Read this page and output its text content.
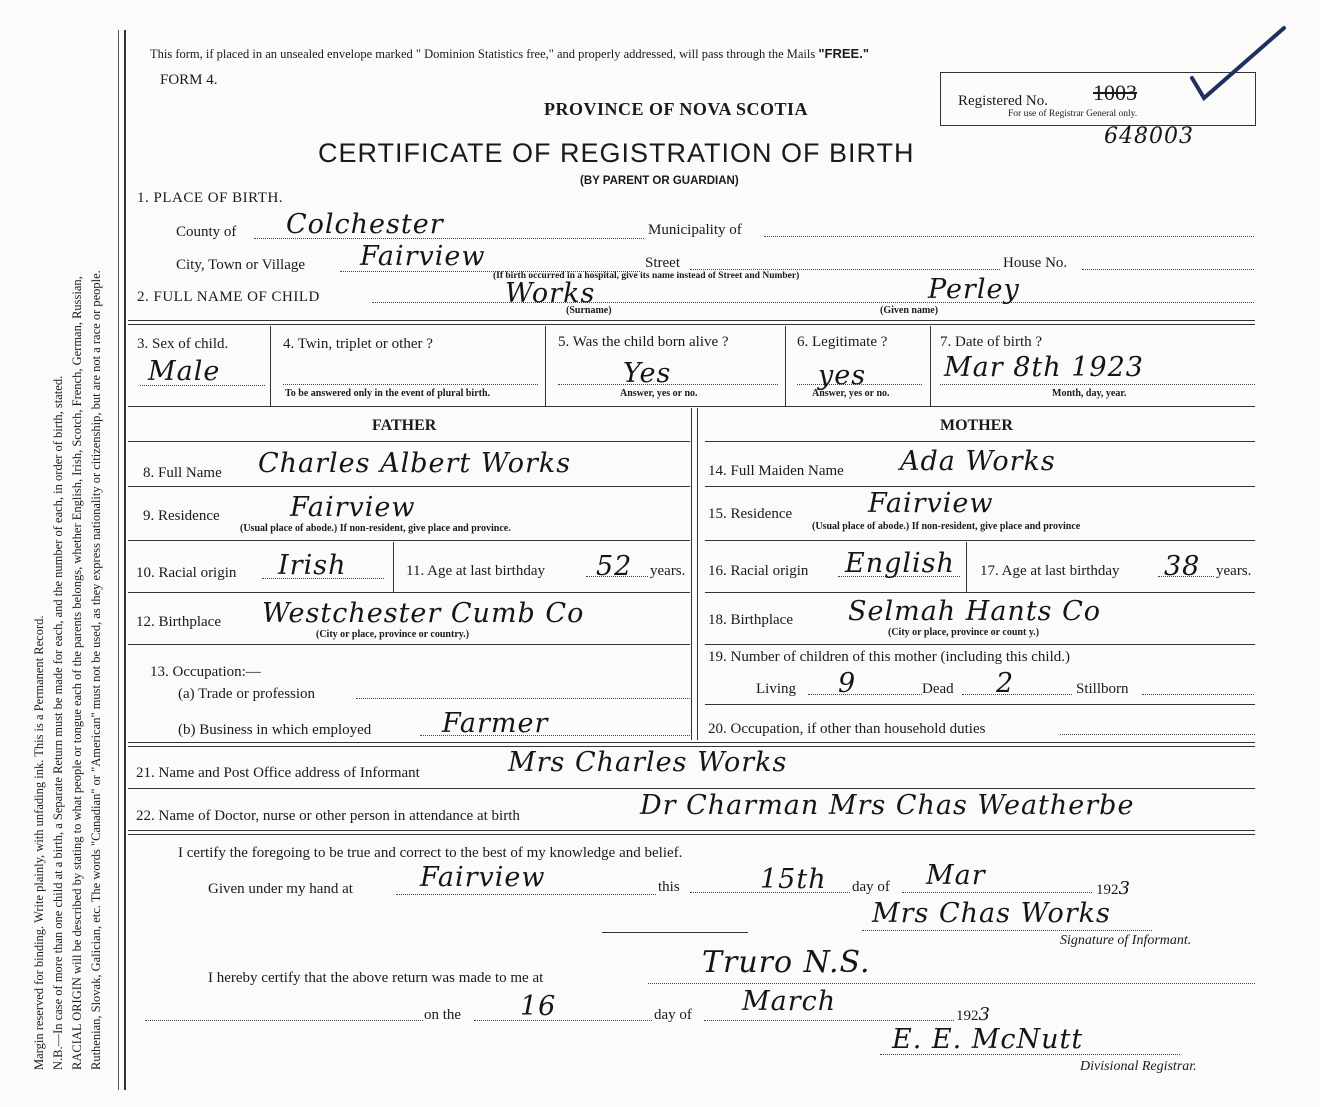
Margin reserved for binding. Write plainly, with unfading ink. This is a Permanent Record. N.B.—In case of more than one child at a birth, a Separate Return must be made for each, and the number of each, in order of birth, stated. RACIAL ORIGIN will be described by stating to what people or tongue each of the parents belongs, whether English, Irish, Scotch, French, German, Russian, Ruthenian, Slovak, Galician, etc. The words "Canadian" or "American" must not be used, as they express nationality or citizenship, but are not a race or people.
This form, if placed in an unsealed envelope marked " Dominion Statistics free," and properly addressed, will pass through the Mails "FREE."
FORM 4.
PROVINCE OF NOVA SCOTIA
CERTIFICATE OF REGISTRATION OF BIRTH
(BY PARENT OR GUARDIAN)
Registered No. 1003
For use of Registrar General only.
648003
1. PLACE OF BIRTH.
County of Colchester	Municipality of
City, Town or Village Fairview	Street	House No.
(If birth occurred in a hospital, give its name instead of Street and Number)
2. FULL NAME OF CHILD	Works
(Surname)
Perley
(Given name)
3. Sex of child.
Male
4. Twin, triplet or other ?
To be answered only in the event of plural birth.
5. Was the child born alive ?
Yes
Answer, yes or no.
6. Legitimate ?
yes
Answer, yes or no.
7. Date of birth ?
Mar 8th 1923
Month, day, year.
FATHER	MOTHER
8. Full Name Charles Albert Works
9. Residence	Fairview
(Usual place of abode.) If non-resident, give place and province.
10. Racial origin Irish	11. Age at last birthday 52 years.
12. Birthplace Westchester Cumb Co
(City or place, province or country.)
13. Occupation:—
(a) Trade or profession
(b) Business in which employed	Farmer
14. Full Maiden Name Ada Works
15. Residence	Fairview
(Usual place of abode.) If non-resident, give place and province
16. Racial origin English 17. Age at last birthday 38 years.
18. Birthplace Selmah Hants Co
(City or place, province or count y.)
19. Number of children of this mother (including this child.)
Living 9	Dead 2	Stillborn
20. Occupation, if other than household duties
21. Name and Post Office address of Informant	Mrs Charles Works
22. Name of Doctor, nurse or other person in attendance at birth	Dr Charman Mrs Chas Weatherbe
I certify the foregoing to be true and correct to the best of my knowledge and belief.
Given under my hand at Fairview	this	15th day of Mar	1923
Mrs Chas Works
Signature of Informant.
I hereby certify that the above return was made to me at	Truro N.S.
on the 16	day of March	1923
E. E. McNutt
Divisional Registrar.
